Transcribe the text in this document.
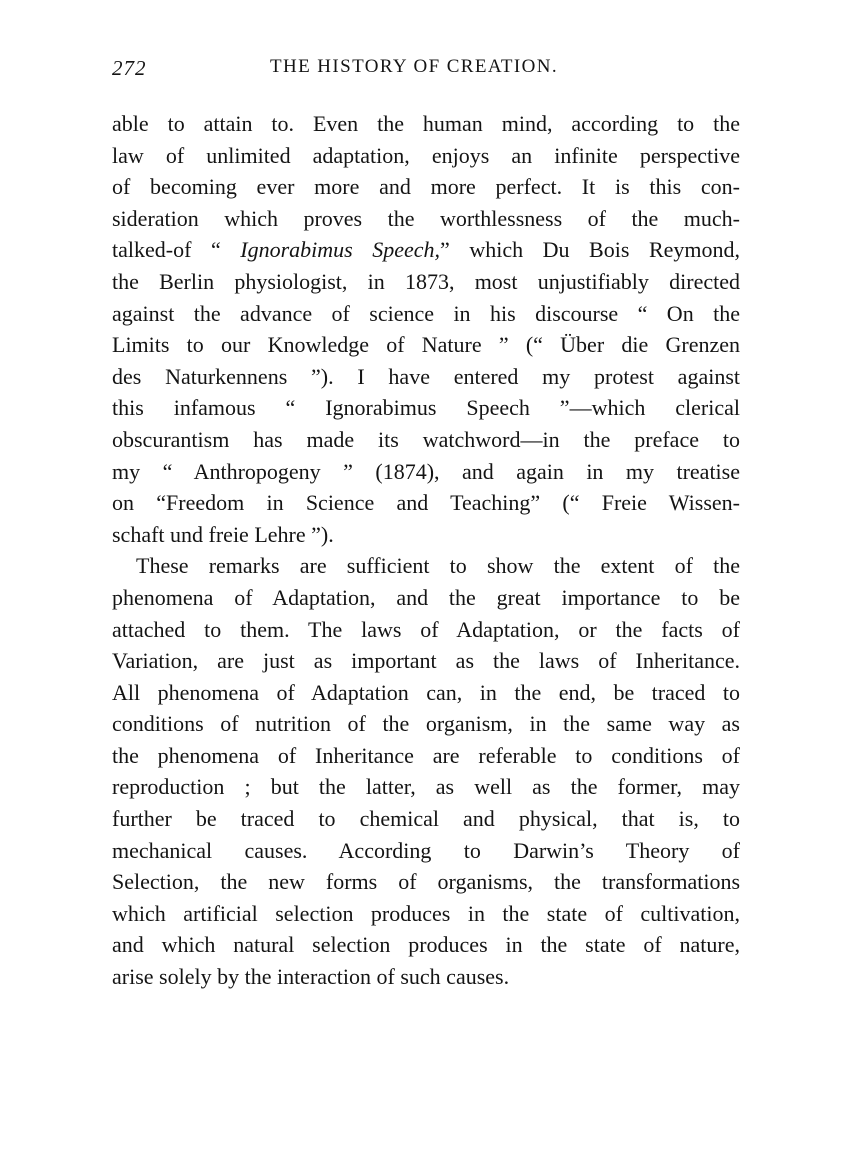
272	THE HISTORY OF CREATION.
able to attain to. Even the human mind, according to the
law of unlimited adaptation, enjoys an infinite perspective
of becoming ever more and more perfect. It is this con-
sideration which proves the worthlessness of the much-
talked-of “ Ignorabimus Speech,” which Du Bois Reymond,
the Berlin physiologist, in 1873, most unjustifiably directed
against the advance of science in his discourse “ On the
Limits to our Knowledge of Nature ” (“ Über die Grenzen
des Naturkennens ”). I have entered my protest against
this infamous “ Ignorabimus Speech ”—which clerical
obscurantism has made its watchword—in the preface to
my “ Anthropogeny ” (1874), and again in my treatise
on “Freedom in Science and Teaching” (“ Freie Wissen-
schaft und freie Lehre ”).
These remarks are sufficient to show the extent of the
phenomena of Adaptation, and the great importance to be
attached to them. The laws of Adaptation, or the facts of
Variation, are just as important as the laws of Inheritance.
All phenomena of Adaptation can, in the end, be traced to
conditions of nutrition of the organism, in the same way as
the phenomena of Inheritance are referable to conditions of
reproduction ; but the latter, as well as the former, may
further be traced to chemical and physical, that is, to
mechanical causes. According to Darwin’s Theory of
Selection, the new forms of organisms, the transformations
which artificial selection produces in the state of cultivation,
and which natural selection produces in the state of nature,
arise solely by the interaction of such causes.
